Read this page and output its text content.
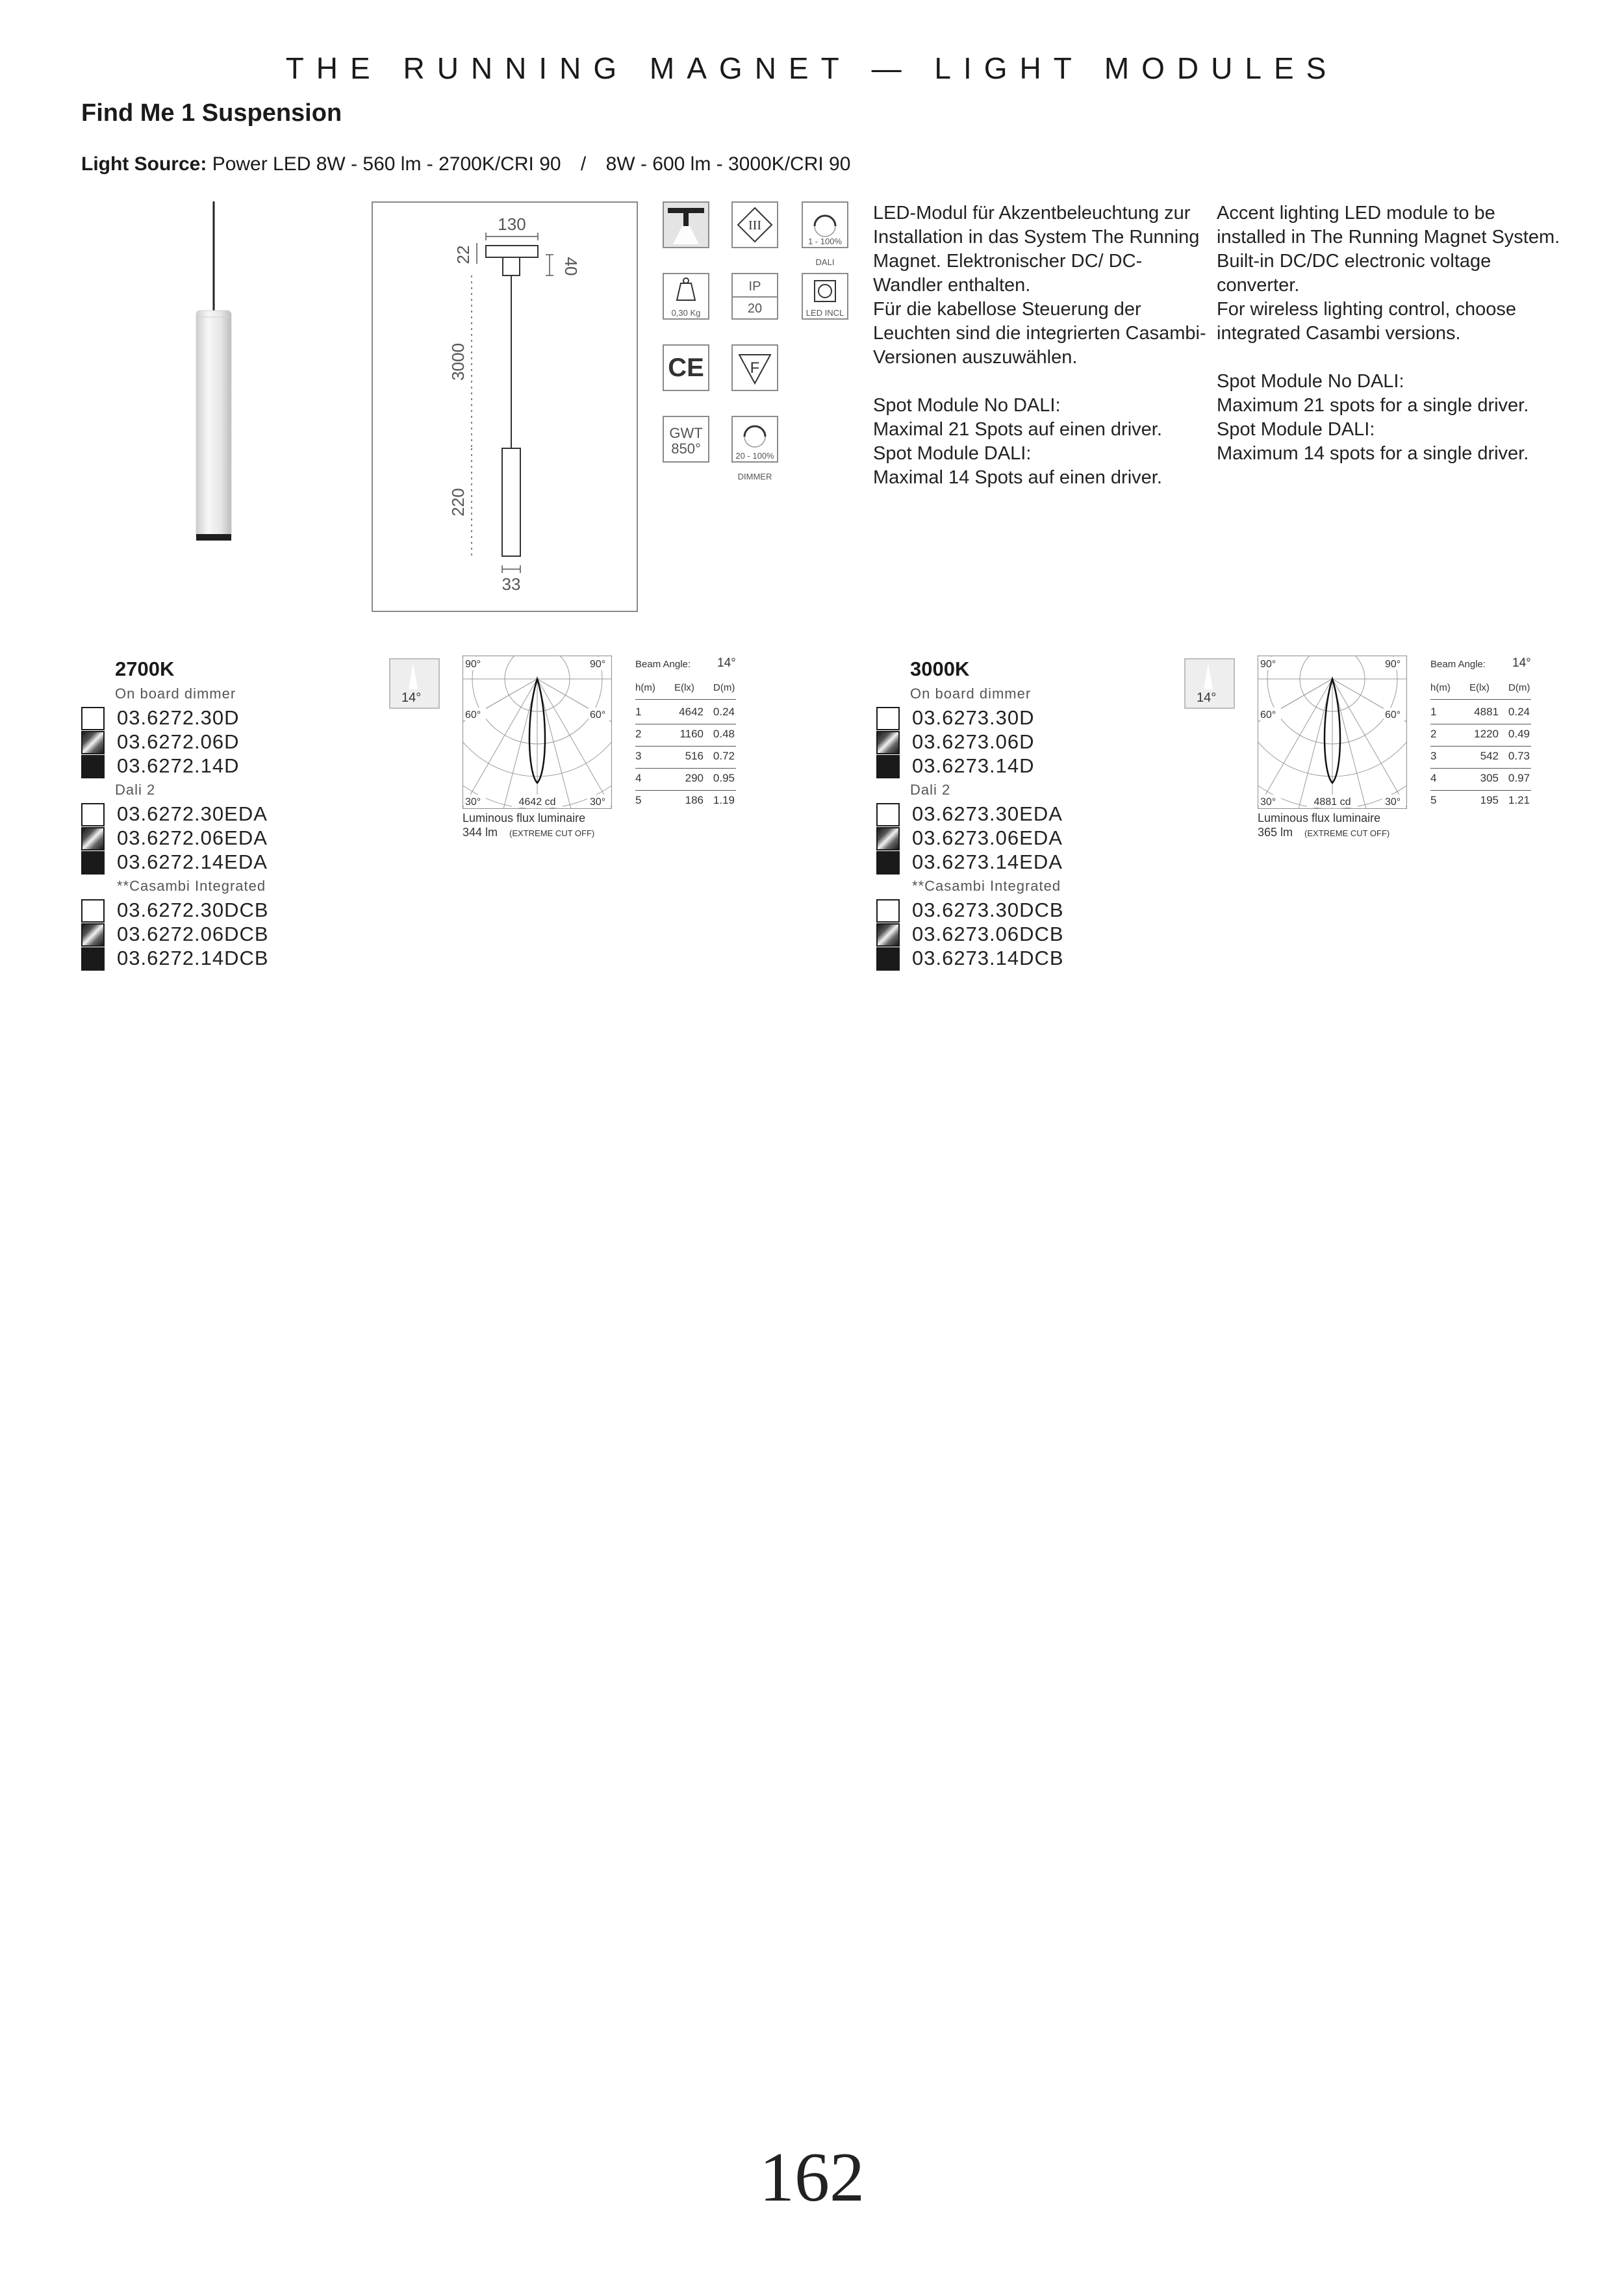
THE RUNNING MAGNET — LIGHT MODULES
Find Me 1 Suspension
Light Source: Power LED 8W - 560 lm - 2700K/CRI 90 / 8W - 600 lm - 3000K/CRI 90
130
22
40
3000
220
33
III
1 - 100%
DALI
0,30 Kg
IP
20	LED INCL
CE	F
GWT
850°	20 - 100%
DIMMER

LED-Modul für Akzentbeleuchtung zur Installation in das System The Running Magnet. Elektronischer DC/ DC-Wandler enthalten.

Für die kabellose Steuerung der Leuchten sind die integrierten Casambi-Versionen auszuwählen.

Spot Module No DALI:

Maximal 21 Spots auf einen driver.

Spot Module DALI:

Maximal 14 Spots auf einen driver.

Accent lighting LED module to be installed in The Running Magnet System. Built-in DC/DC electronic voltage converter.

For wireless lighting control, choose integrated Casambi versions.

Spot Module No DALI:

Maximum 21 spots for a single driver.

Spot Module DALI:

Maximum 14 spots for a single driver.

2700K
On board dimmer
03.6272.30D
03.6272.06D
03.6272.14D
Dali 2
03.6272.30EDA
03.6272.06EDA
03.6272.14EDA
**Casambi Integrated
03.6272.30DCB
03.6272.06DCB
03.6272.14DCB
14°
90°	90°
60°	60°
30°	30°
4642 cd
Luminous flux luminaire
344 lm (EXTREME CUT OFF)
Beam Angle: 14°
h(m) E(lx) D(m)
1	4642 0.24
2	1160 0.48
3	516 0.72
4	290 0.95
5	186 1.19
3000K
On board dimmer
03.6273.30D
03.6273.06D
03.6273.14D
Dali 2
03.6273.30EDA
03.6273.06EDA
03.6273.14EDA
**Casambi Integrated
03.6273.30DCB
03.6273.06DCB
03.6273.14DCB
14°
90°	90°
60°	60°
30°	30°
4881 cd
Luminous flux luminaire
365 lm (EXTREME CUT OFF)
Beam Angle: 14°
h(m) E(lx) D(m)
1	4881 0.24
2	1220 0.49
3	542 0.73
4	305 0.97
5	195 1.21
162
